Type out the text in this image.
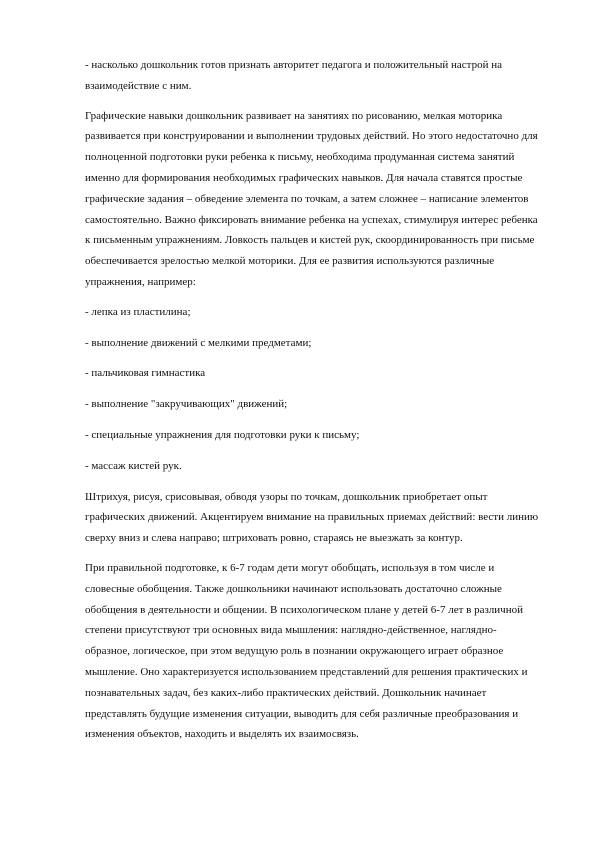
- насколько дошкольник готов признать авторитет педагога и положительный настрой на взаимодействие с ним.

Графические навыки дошкольник развивает на занятиях по рисованию, мелкая моторика развивается при конструировании и выполнении трудовых действий. Но этого недостаточно для полноценной подготовки руки ребенка к письму, необходима продуманная система занятий именно для формирования необходимых графических навыков. Для начала ставятся простые графические задания – обведение элемента по точкам, а затем сложнее – написание элементов самостоятельно. Важно фиксировать внимание ребенка на успехах, стимулируя интерес ребенка к письменным упражнениям. Ловкость пальцев и кистей рук, скоординированность при письме обеспечивается зрелостью мелкой моторики. Для ее развития используются различные упражнения, например:

- лепка из пластилина;

- выполнение движений с мелкими предметами;

- пальчиковая гимнастика

- выполнение "закручивающих" движений;

- специальные упражнения для подготовки руки к письму;

- массаж кистей рук.

Штрихуя, рисуя, срисовывая, обводя узоры по точкам, дошкольник приобретает опыт графических движений. Акцентируем внимание на правильных приемах действий: вести линию сверху вниз и слева направо; штриховать ровно, стараясь не выезжать за контур.

При правильной подготовке, к 6-7 годам дети могут обобщать, используя в том числе и словесные обобщения. Также дошкольники начинают использовать достаточно сложные обобщения в деятельности и общении. В психологическом плане у детей 6-7 лет в различной степени присутствуют три основных вида мышления: наглядно-действенное, наглядно-образное, логическое, при этом ведущую роль в познании окружающего играет образное мышление. Оно характеризуется использованием представлений для решения практических и познавательных задач, без каких-либо практических действий. Дошкольник начинает представлять будущие изменения ситуации, выводить для себя различные преобразования и изменения объектов, находить и выделять их взаимосвязь.
